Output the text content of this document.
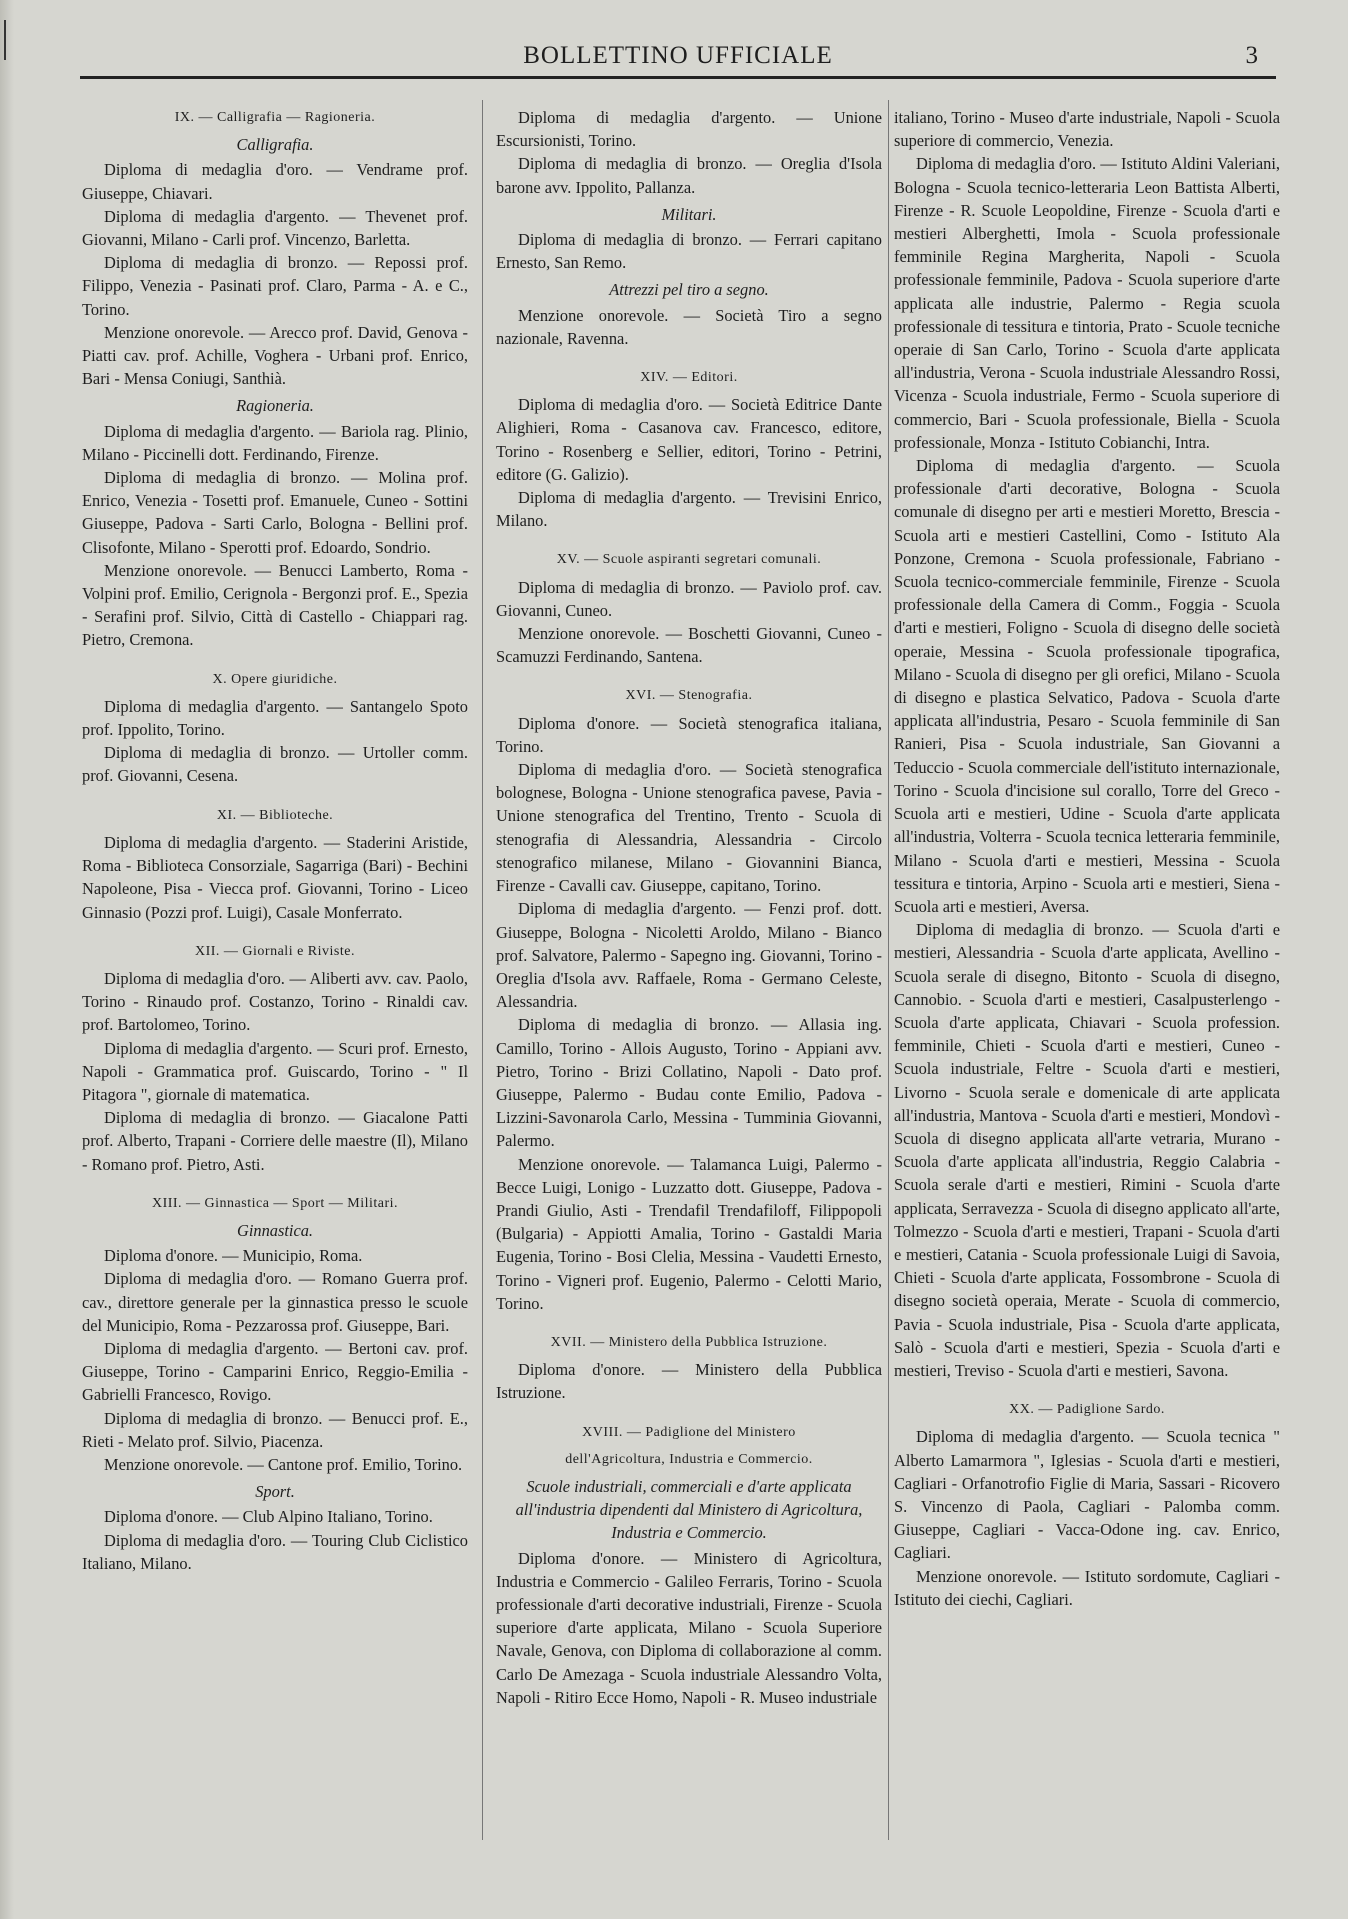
BOLLETTINO UFFICIALE	3
IX. — Calligrafia — Ragioneria.
Calligrafia.

Diploma di medaglia d'oro. — Vendrame prof. Giuseppe, Chiavari.

Diploma di medaglia d'argento. — Thevenet prof. Giovanni, Milano - Carli prof. Vincenzo, Barletta.

Diploma di medaglia di bronzo. — Repossi prof. Filippo, Venezia - Pasinati prof. Claro, Parma - A. e C., Torino.

Menzione onorevole. — Arecco prof. David, Genova - Piatti cav. prof. Achille, Voghera - Urbani prof. Enrico, Bari - Mensa Coniugi, Santhià.

Ragioneria.

Diploma di medaglia d'argento. — Bariola rag. Plinio, Milano - Piccinelli dott. Ferdinando, Firenze.

Diploma di medaglia di bronzo. — Molina prof. Enrico, Venezia - Tosetti prof. Emanuele, Cuneo - Sottini Giuseppe, Padova - Sarti Carlo, Bologna - Bellini prof. Clisofonte, Milano - Sperotti prof. Edoardo, Sondrio.

Menzione onorevole. — Benucci Lamberto, Roma - Volpini prof. Emilio, Cerignola - Bergonzi prof. E., Spezia - Serafini prof. Silvio, Città di Castello - Chiappari rag. Pietro, Cremona.

X. Opere giuridiche.

Diploma di medaglia d'argento. — Santangelo Spoto prof. Ippolito, Torino.

Diploma di medaglia di bronzo. — Urtoller comm. prof. Giovanni, Cesena.

XI. — Biblioteche.

Diploma di medaglia d'argento. — Staderini Aristide, Roma - Biblioteca Consorziale, Sagarriga (Bari) - Bechini Napoleone, Pisa - Viecca prof. Giovanni, Torino - Liceo Ginnasio (Pozzi prof. Luigi), Casale Monferrato.

XII. — Giornali e Riviste.

Diploma di medaglia d'oro. — Aliberti avv. cav. Paolo, Torino - Rinaudo prof. Costanzo, Torino - Rinaldi cav. prof. Bartolomeo, Torino.

Diploma di medaglia d'argento. — Scuri prof. Ernesto, Napoli - Grammatica prof. Guiscardo, Torino - " Il Pitagora ", giornale di matematica.

Diploma di medaglia di bronzo. — Giacalone Patti prof. Alberto, Trapani - Corriere delle maestre (Il), Milano - Romano prof. Pietro, Asti.

XIII. — Ginnastica — Sport — Militari.
Ginnastica.

Diploma d'onore. — Municipio, Roma.

Diploma di medaglia d'oro. — Romano Guerra prof. cav., direttore generale per la ginnastica presso le scuole del Municipio, Roma - Pezzarossa prof. Giuseppe, Bari.

Diploma di medaglia d'argento. — Bertoni cav. prof. Giuseppe, Torino - Camparini Enrico, Reggio-Emilia - Gabrielli Francesco, Rovigo.

Diploma di medaglia di bronzo. — Benucci prof. E., Rieti - Melato prof. Silvio, Piacenza.

Menzione onorevole. — Cantone prof. Emilio, Torino.

Sport.

Diploma d'onore. — Club Alpino Italiano, Torino.

Diploma di medaglia d'oro. — Touring Club Ciclistico Italiano, Milano.

Diploma di medaglia d'argento. — Unione Escursionisti, Torino.

Diploma di medaglia di bronzo. — Oreglia d'Isola barone avv. Ippolito, Pallanza.

Militari.

Diploma di medaglia di bronzo. — Ferrari capitano Ernesto, San Remo.

Attrezzi pel tiro a segno.

Menzione onorevole. — Società Tiro a segno nazionale, Ravenna.

XIV. — Editori.

Diploma di medaglia d'oro. — Società Editrice Dante Alighieri, Roma - Casanova cav. Francesco, editore, Torino - Rosenberg e Sellier, editori, Torino - Petrini, editore (G. Galizio).

Diploma di medaglia d'argento. — Trevisini Enrico, Milano.

XV. — Scuole aspiranti segretari comunali.

Diploma di medaglia di bronzo. — Paviolo prof. cav. Giovanni, Cuneo.

Menzione onorevole. — Boschetti Giovanni, Cuneo - Scamuzzi Ferdinando, Santena.

XVI. — Stenografia.

Diploma d'onore. — Società stenografica italiana, Torino.

Diploma di medaglia d'oro. — Società stenografica bolognese, Bologna - Unione stenografica pavese, Pavia - Unione stenografica del Trentino, Trento - Scuola di stenografia di Alessandria, Alessandria - Circolo stenografico milanese, Milano - Giovannini Bianca, Firenze - Cavalli cav. Giuseppe, capitano, Torino.

Diploma di medaglia d'argento. — Fenzi prof. dott. Giuseppe, Bologna - Nicoletti Aroldo, Milano - Bianco prof. Salvatore, Palermo - Sapegno ing. Giovanni, Torino - Oreglia d'Isola avv. Raffaele, Roma - Germano Celeste, Alessandria.

Diploma di medaglia di bronzo. — Allasia ing. Camillo, Torino - Allois Augusto, Torino - Appiani avv. Pietro, Torino - Brizi Collatino, Napoli - Dato prof. Giuseppe, Palermo - Budau conte Emilio, Padova - Lizzini-Savonarola Carlo, Messina - Tumminia Giovanni, Palermo.

Menzione onorevole. — Talamanca Luigi, Palermo - Becce Luigi, Lonigo - Luzzatto dott. Giuseppe, Padova - Prandi Giulio, Asti - Trendafil Trendafiloff, Filippopoli (Bulgaria) - Appiotti Amalia, Torino - Gastaldi Maria Eugenia, Torino - Bosi Clelia, Messina - Vaudetti Ernesto, Torino - Vigneri prof. Eugenio, Palermo - Celotti Mario, Torino.

XVII. — Ministero della Pubblica Istruzione.

Diploma d'onore. — Ministero della Pubblica Istruzione.

XVIII. — Padiglione del Ministero
dell'Agricoltura, Industria e Commercio.
Scuole industriali, commerciali e d'arte applicata all'industria dipendenti dal Ministero di Agricoltura, Industria e Commercio.

Diploma d'onore. — Ministero di Agricoltura, Industria e Commercio - Galileo Ferraris, Torino - Scuola professionale d'arti decorative industriali, Firenze - Scuola superiore d'arte applicata, Milano - Scuola Superiore Navale, Genova, con Diploma di collaborazione al comm. Carlo De Amezaga - Scuola industriale Alessandro Volta, Napoli - Ritiro Ecce Homo, Napoli - R. Museo industriale

italiano, Torino - Museo d'arte industriale, Napoli - Scuola superiore di commercio, Venezia.

Diploma di medaglia d'oro. — Istituto Aldini Valeriani, Bologna - Scuola tecnico-letteraria Leon Battista Alberti, Firenze - R. Scuole Leopoldine, Firenze - Scuola d'arti e mestieri Alberghetti, Imola - Scuola professionale femminile Regina Margherita, Napoli - Scuola professionale femminile, Padova - Scuola superiore d'arte applicata alle industrie, Palermo - Regia scuola professionale di tessitura e tintoria, Prato - Scuole tecniche operaie di San Carlo, Torino - Scuola d'arte applicata all'industria, Verona - Scuola industriale Alessandro Rossi, Vicenza - Scuola industriale, Fermo - Scuola superiore di commercio, Bari - Scuola professionale, Biella - Scuola professionale, Monza - Istituto Cobianchi, Intra.

Diploma di medaglia d'argento. — Scuola professionale d'arti decorative, Bologna - Scuola comunale di disegno per arti e mestieri Moretto, Brescia - Scuola arti e mestieri Castellini, Como - Istituto Ala Ponzone, Cremona - Scuola professionale, Fabriano - Scuola tecnico-commerciale femminile, Firenze - Scuola professionale della Camera di Comm., Foggia - Scuola d'arti e mestieri, Foligno - Scuola di disegno delle società operaie, Messina - Scuola professionale tipografica, Milano - Scuola di disegno per gli orefici, Milano - Scuola di disegno e plastica Selvatico, Padova - Scuola d'arte applicata all'industria, Pesaro - Scuola femminile di San Ranieri, Pisa - Scuola industriale, San Giovanni a Teduccio - Scuola commerciale dell'istituto internazionale, Torino - Scuola d'incisione sul corallo, Torre del Greco - Scuola arti e mestieri, Udine - Scuola d'arte applicata all'industria, Volterra - Scuola tecnica letteraria femminile, Milano - Scuola d'arti e mestieri, Messina - Scuola tessitura e tintoria, Arpino - Scuola arti e mestieri, Siena - Scuola arti e mestieri, Aversa.

Diploma di medaglia di bronzo. — Scuola d'arti e mestieri, Alessandria - Scuola d'arte applicata, Avellino - Scuola serale di disegno, Bitonto - Scuola di disegno, Cannobio. - Scuola d'arti e mestieri, Casalpusterlengo - Scuola d'arte applicata, Chiavari - Scuola profession. femminile, Chieti - Scuola d'arti e mestieri, Cuneo - Scuola industriale, Feltre - Scuola d'arti e mestieri, Livorno - Scuola serale e domenicale di arte applicata all'industria, Mantova - Scuola d'arti e mestieri, Mondovì - Scuola di disegno applicata all'arte vetraria, Murano - Scuola d'arte applicata all'industria, Reggio Calabria - Scuola serale d'arti e mestieri, Rimini - Scuola d'arte applicata, Serravezza - Scuola di disegno applicato all'arte, Tolmezzo - Scuola d'arti e mestieri, Trapani - Scuola d'arti e mestieri, Catania - Scuola professionale Luigi di Savoia, Chieti - Scuola d'arte applicata, Fossombrone - Scuola di disegno società operaia, Merate - Scuola di commercio, Pavia - Scuola industriale, Pisa - Scuola d'arte applicata, Salò - Scuola d'arti e mestieri, Spezia - Scuola d'arti e mestieri, Treviso - Scuola d'arti e mestieri, Savona.

XX. — Padiglione Sardo.

Diploma di medaglia d'argento. — Scuola tecnica " Alberto Lamarmora ", Iglesias - Scuola d'arti e mestieri, Cagliari - Orfanotrofio Figlie di Maria, Sassari - Ricovero S. Vincenzo di Paola, Cagliari - Palomba comm. Giuseppe, Cagliari - Vacca-Odone ing. cav. Enrico, Cagliari.

Menzione onorevole. — Istituto sordomute, Cagliari - Istituto dei ciechi, Cagliari.
